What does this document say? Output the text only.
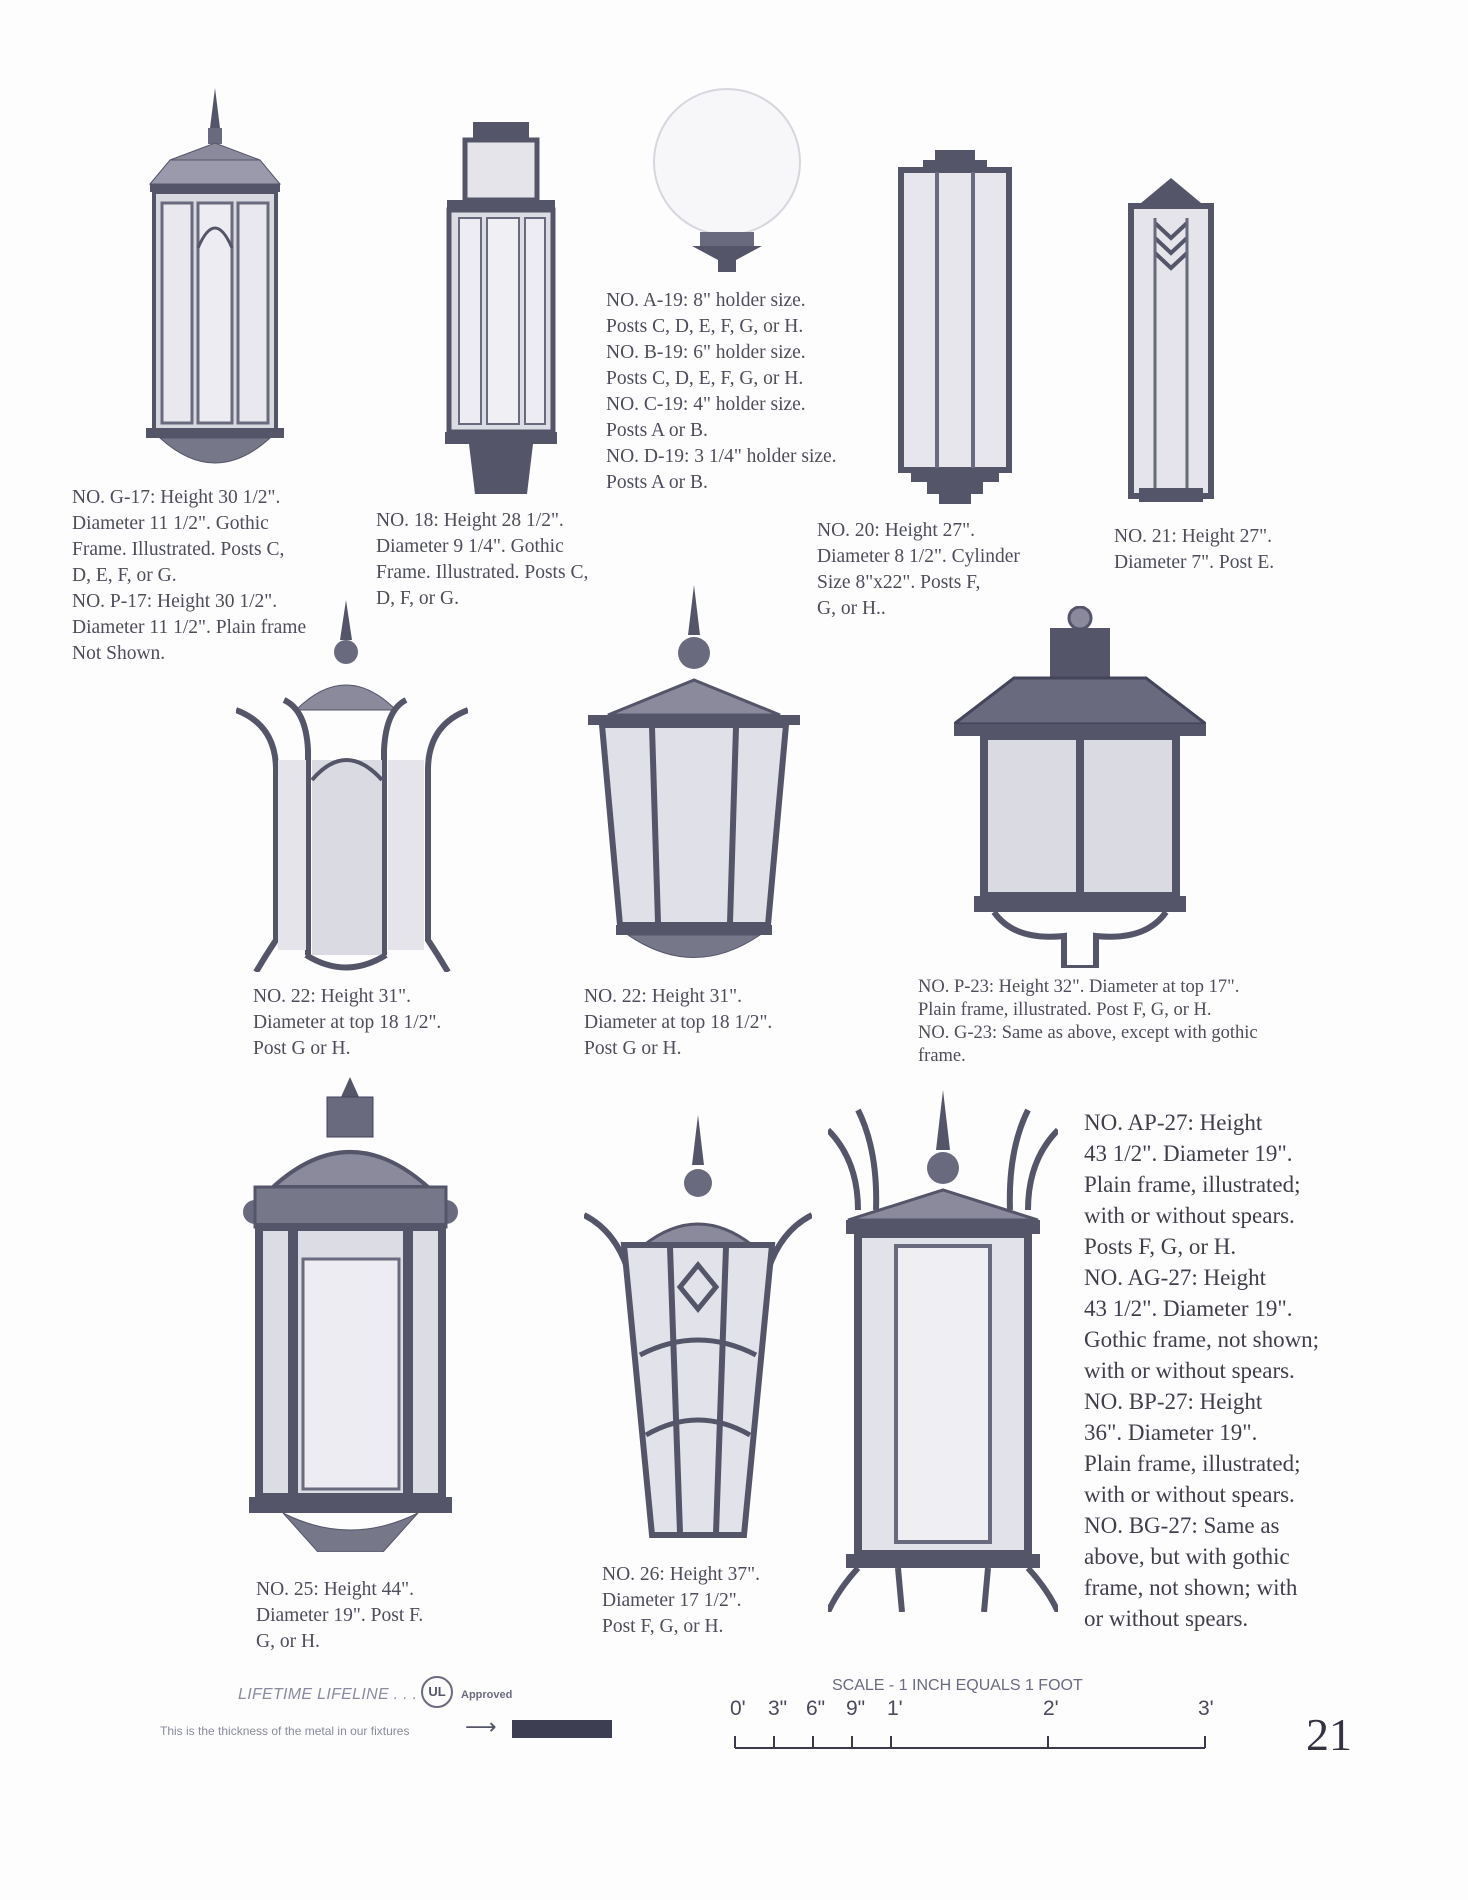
NO. G-17: Height 30 1/2".
Diameter 11 1/2". Gothic
Frame. Illustrated. Posts C,
D, E, F, or G.
NO. P-17: Height 30 1/2".
Diameter 11 1/2". Plain frame
Not Shown.
NO. 18: Height 28 1/2".
Diameter 9 1/4". Gothic
Frame. Illustrated. Posts C,
D, F, or G.
NO. A-19: 8" holder size.
Posts C, D, E, F, G, or H.
NO. B-19: 6" holder size.
Posts C, D, E, F, G, or H.
NO. C-19: 4" holder size.
Posts A or B.
NO. D-19: 3 1/4" holder size.
Posts A or B.
NO. 20: Height 27".
Diameter 8 1/2". Cylinder
Size 8"x22". Posts F,
G, or H..
NO. 21: Height 27".
Diameter 7". Post E.
NO. 22: Height 31".
Diameter at top 18 1/2".
Post G or H.
NO. 22: Height 31".
Diameter at top 18 1/2".
Post G or H.
NO. P-23: Height 32". Diameter at top 17".
Plain frame, illustrated. Post F, G, or H.
NO. G-23: Same as above, except with gothic
frame.
NO. 25: Height 44".
Diameter 19". Post F.
G, or H.
NO. 26: Height 37".
Diameter 17 1/2".
Post F, G, or H.
NO. AP-27: Height
43 1/2". Diameter 19".
Plain frame, illustrated;
with or without spears.
Posts F, G, or H.
NO. AG-27: Height
43 1/2". Diameter 19".
Gothic frame, not shown;
with or without spears.
NO. BP-27: Height
36". Diameter 19".
Plain frame, illustrated;
with or without spears.
NO. BG-27: Same as
above, but with gothic
frame, not shown; with
or without spears.
LIFETIME LIFELINE . . . UL	Approved
This is the thickness of the metal in our fixtures	⟶
SCALE - 1 INCH EQUALS 1 FOOT
0' 3" 6" 9" 1'	2'	3'
21
